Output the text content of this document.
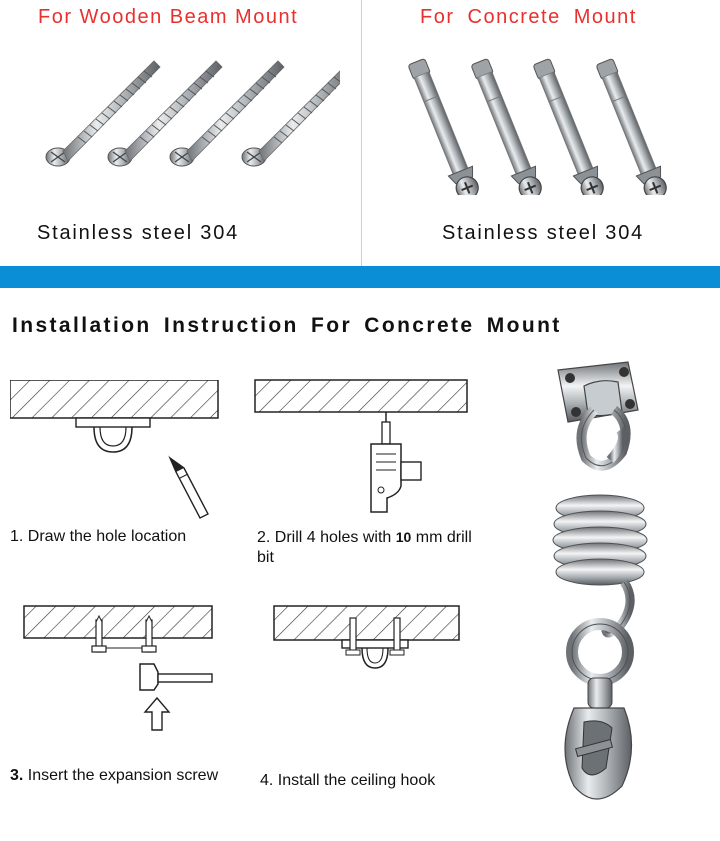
For Wooden Beam Mount
Stainless steel 304
For Concrete Mount
Stainless steel 304
Installation Instruction For Concrete Mount
1. Draw the hole location	2. Drill 4 holes with 10 mm drill bit
3. Insert the expansion screw	4. Install the ceiling hook
